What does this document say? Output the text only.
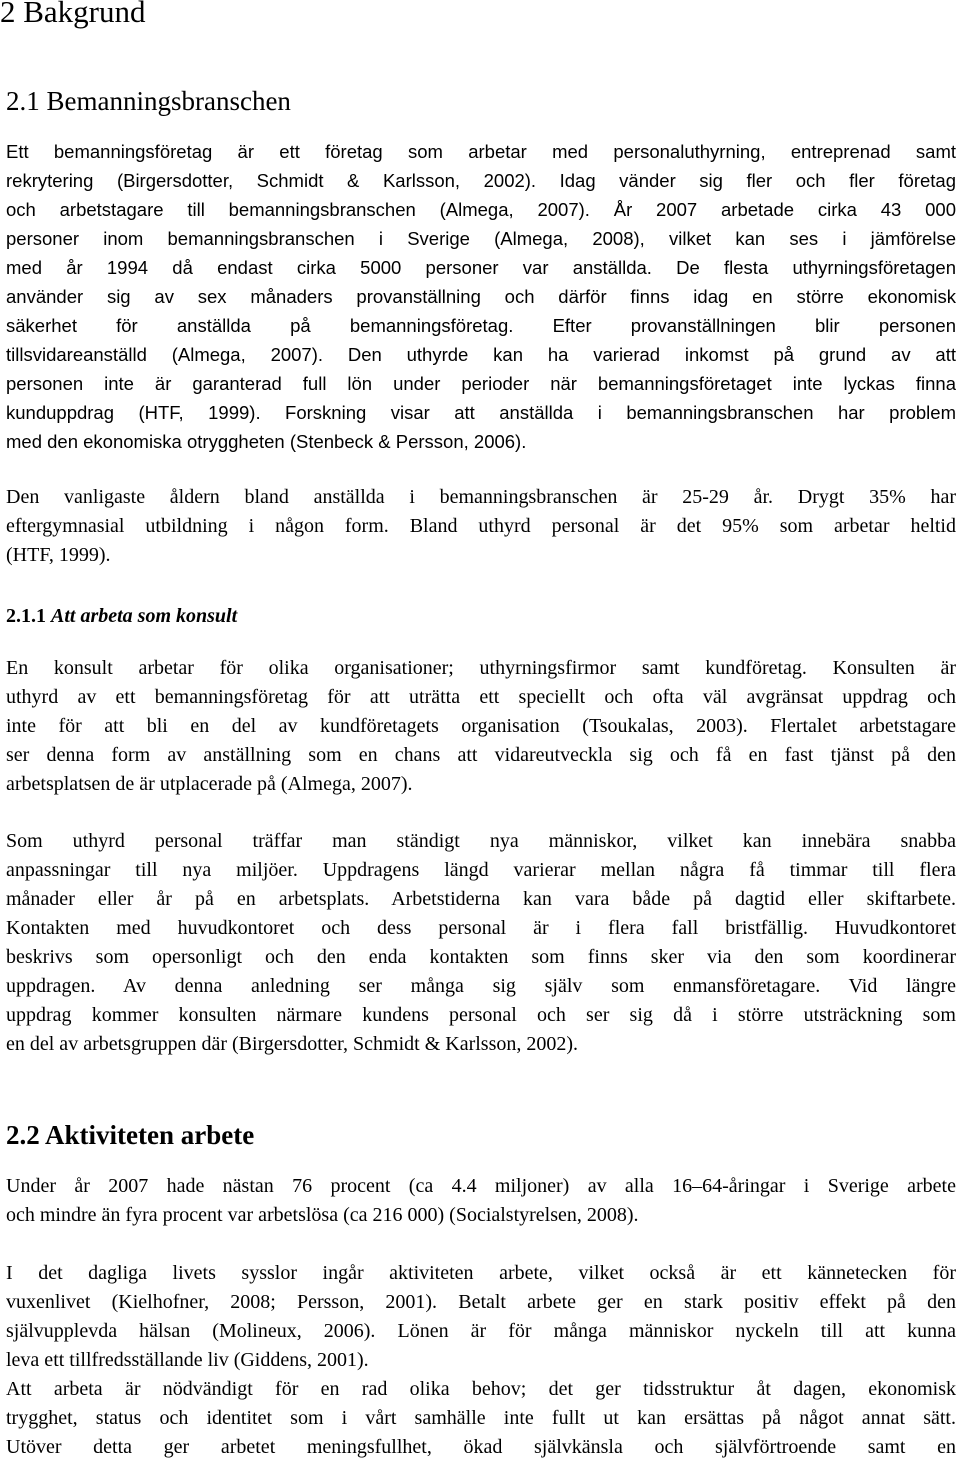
2 Bakgrund
2.1 Bemanningsbranschen
Ett bemanningsföretag är ett företag som arbetar med personaluthyrning, entreprenad samt
rekrytering (Birgersdotter, Schmidt & Karlsson, 2002). Idag vänder sig fler och fler företag
och arbetstagare till bemanningsbranschen (Almega, 2007). År 2007 arbetade cirka 43 000
personer inom bemanningsbranschen i Sverige (Almega, 2008), vilket kan ses i jämförelse
med år 1994 då endast cirka 5000 personer var anställda. De flesta uthyrningsföretagen
använder sig av sex månaders provanställning och därför finns idag en större ekonomisk
säkerhet för anställda på bemanningsföretag. Efter provanställningen blir personen
tillsvidareanställd (Almega, 2007). Den uthyrde kan ha varierad inkomst på grund av att
personen inte är garanterad full lön under perioder när bemanningsföretaget inte lyckas finna
kunduppdrag (HTF, 1999). Forskning visar att anställda i bemanningsbranschen har problem
med den ekonomiska otryggheten (Stenbeck & Persson, 2006).
Den vanligaste åldern bland anställda i bemanningsbranschen är 25-29 år. Drygt 35% har
eftergymnasial utbildning i någon form. Bland uthyrd personal är det 95% som arbetar heltid
(HTF, 1999).
2.1.1 Att arbeta som konsult
En konsult arbetar för olika organisationer; uthyrningsfirmor samt kundföretag. Konsulten är
uthyrd av ett bemanningsföretag för att uträtta ett speciellt och ofta väl avgränsat uppdrag och
inte för att bli en del av kundföretagets organisation (Tsoukalas, 2003). Flertalet arbetstagare
ser denna form av anställning som en chans att vidareutveckla sig och få en fast tjänst på den
arbetsplatsen de är utplacerade på (Almega, 2007).
Som uthyrd personal träffar man ständigt nya människor, vilket kan innebära snabba
anpassningar till nya miljöer. Uppdragens längd varierar mellan några få timmar till flera
månader eller år på en arbetsplats. Arbetstiderna kan vara både på dagtid eller skiftarbete.
Kontakten med huvudkontoret och dess personal är i flera fall bristfällig. Huvudkontoret
beskrivs som opersonligt och den enda kontakten som finns sker via den som koordinerar
uppdragen. Av denna anledning ser många sig själv som enmansföretagare. Vid längre
uppdrag kommer konsulten närmare kundens personal och ser sig då i större utsträckning som
en del av arbetsgruppen där (Birgersdotter, Schmidt & Karlsson, 2002).
2.2 Aktiviteten arbete
Under år 2007 hade nästan 76 procent (ca 4.4 miljoner) av alla 16–64-åringar i Sverige arbete
och mindre än fyra procent var arbetslösa (ca 216 000) (Socialstyrelsen, 2008).
I det dagliga livets sysslor ingår aktiviteten arbete, vilket också är ett kännetecken för
vuxenlivet (Kielhofner, 2008; Persson, 2001). Betalt arbete ger en stark positiv effekt på den
självupplevda hälsan (Molineux, 2006). Lönen är för många människor nyckeln till att kunna
leva ett tillfredsställande liv (Giddens, 2001).
Att arbeta är nödvändigt för en rad olika behov; det ger tidsstruktur åt dagen, ekonomisk
trygghet, status och identitet som i vårt samhälle inte fullt ut kan ersättas på något annat sätt.
Utöver detta ger arbetet meningsfullhet, ökad självkänsla och självförtroende samt en
